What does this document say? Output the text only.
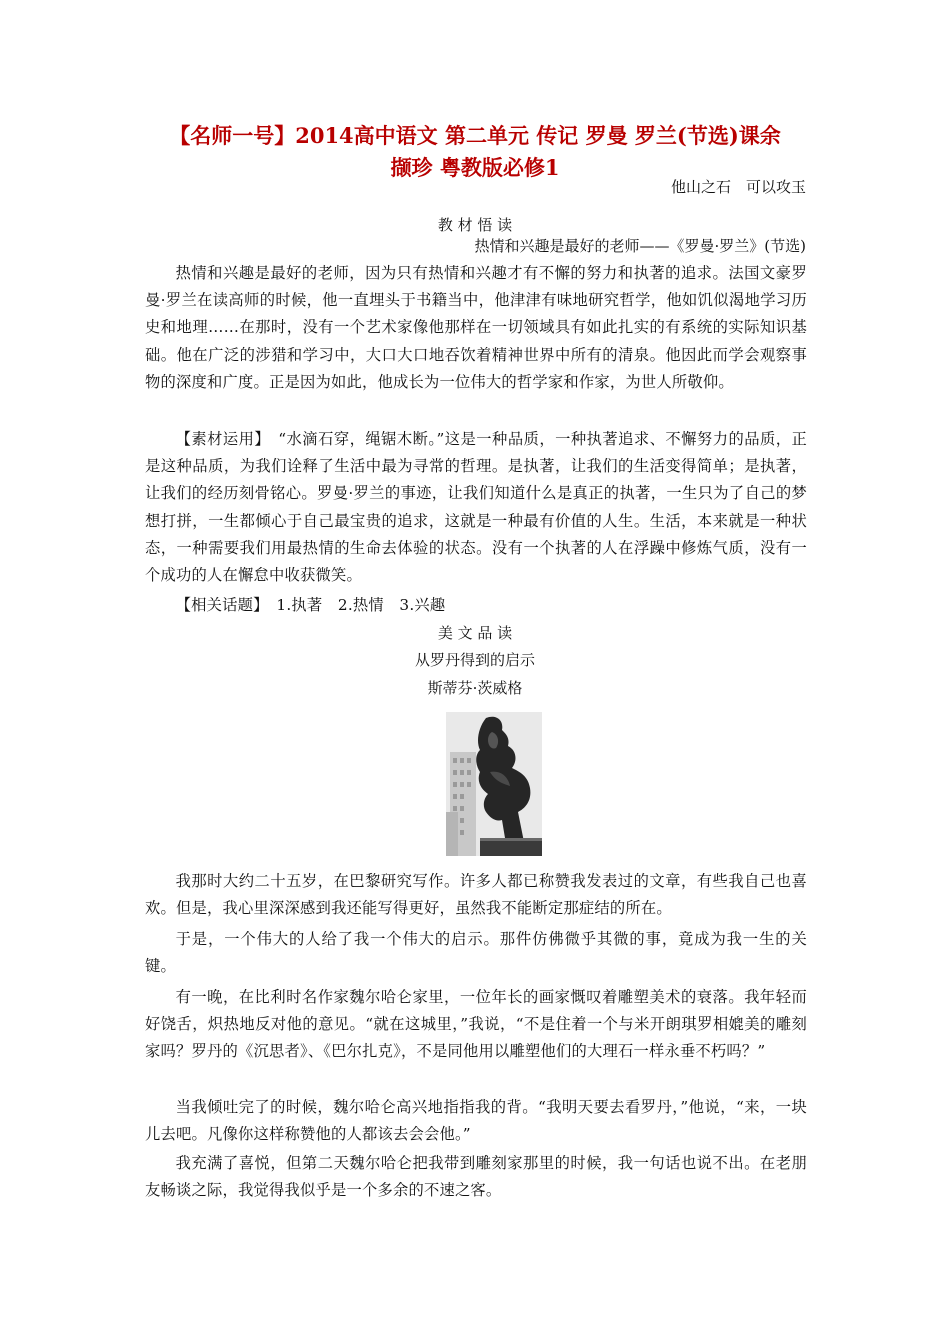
【名师一号】2014高中语文 第二单元 传记 罗曼 罗兰(节选)课余
撷珍 粤教版必修1
他山之石　可以攻玉
教 材 悟 读
热情和兴趣是最好的老师——《罗曼·罗兰》(节选)
热情和兴趣是最好的老师，因为只有热情和兴趣才有不懈的努力和执著的追求。法国文豪罗曼·罗兰在读高师的时候，他一直埋头于书籍当中，他津津有味地研究哲学，他如饥似渴地学习历史和地理……在那时，没有一个艺术家像他那样在一切领域具有如此扎实的有系统的实际知识基础。他在广泛的涉猎和学习中，大口大口地吞饮着精神世界中所有的清泉。他因此而学会观察事物的深度和广度。正是因为如此，他成长为一位伟大的哲学家和作家，为世人所敬仰。
【素材运用】　“水滴石穿，绳锯木断。”这是一种品质，一种执著追求、不懈努力的品质，正是这种品质，为我们诠释了生活中最为寻常的哲理。是执著，让我们的生活变得简单；是执著，让我们的经历刻骨铭心。罗曼·罗兰的事迹，让我们知道什么是真正的执著，一生只为了自己的梦想打拼，一生都倾心于自己最宝贵的追求，这就是一种最有价值的人生。生活，本来就是一种状态，一种需要我们用最热情的生命去体验的状态。没有一个执著的人在浮躁中修炼气质，没有一个成功的人在懈怠中收获微笑。
【相关话题】　1.执著　2.热情　3.兴趣
美 文 品 读
从罗丹得到的启示
斯蒂芬·茨威格
我那时大约二十五岁，在巴黎研究写作。许多人都已称赞我发表过的文章，有些我自己也喜欢。但是，我心里深深感到我还能写得更好，虽然我不能断定那症结的所在。
于是，一个伟大的人给了我一个伟大的启示。那件仿佛微乎其微的事，竟成为我一生的关键。
有一晚，在比利时名作家魏尔哈仑家里，一位年长的画家慨叹着雕塑美术的衰落。我年轻而好饶舌，炽热地反对他的意见。“就在这城里，”我说，“不是住着一个与米开朗琪罗相媲美的雕刻家吗？罗丹的《沉思者》、《巴尔扎克》，不是同他用以雕塑他们的大理石一样永垂不朽吗？”
当我倾吐完了的时候，魏尔哈仑高兴地指指我的背。“我明天要去看罗丹，”他说，“来，一块儿去吧。凡像你这样称赞他的人都该去会会他。”
我充满了喜悦，但第二天魏尔哈仑把我带到雕刻家那里的时候，我一句话也说不出。在老朋友畅谈之际，我觉得我似乎是一个多余的不速之客。
